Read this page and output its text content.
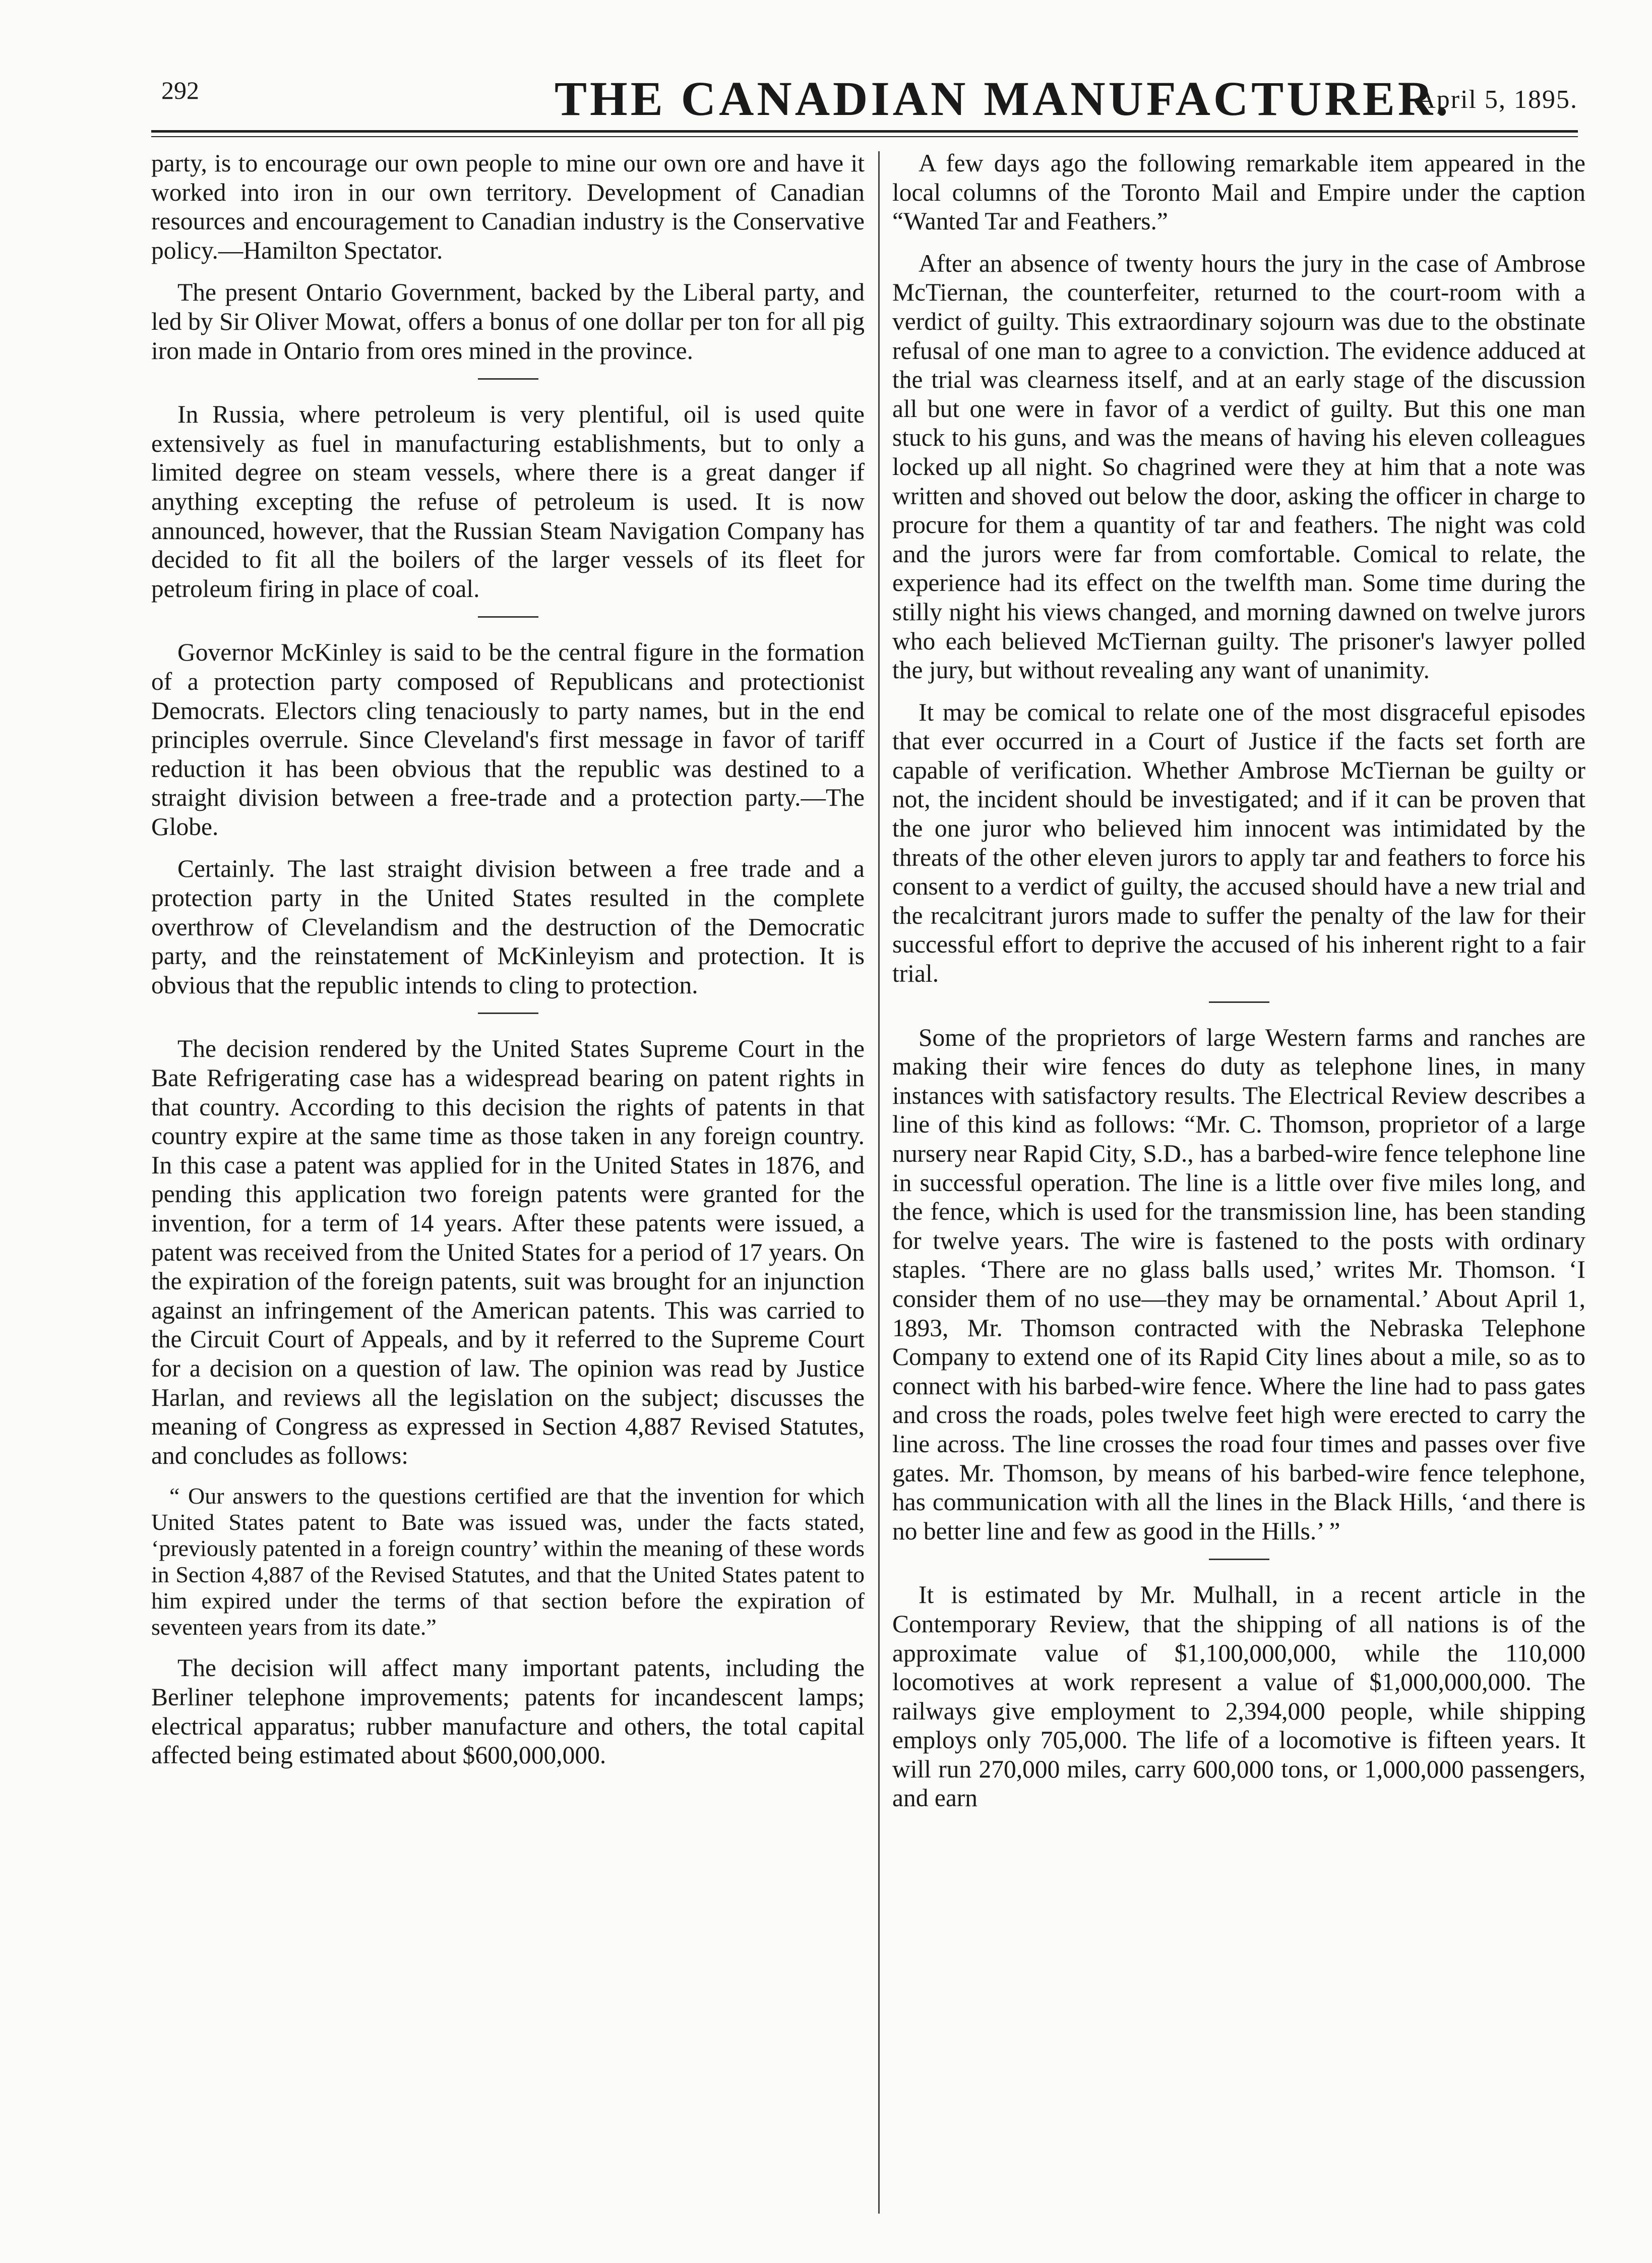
292	THE CANADIAN MANUFACTURER.
April 5, 1895.

party, is to encourage our own people to mine our own ore and have it worked into iron in our own territory. Development of Canadian resources and encouragement to Canadian industry is the Conservative policy.—Hamilton Spectator.

The present Ontario Government, backed by the Liberal party, and led by Sir Oliver Mowat, offers a bonus of one dollar per ton for all pig iron made in Ontario from ores mined in the province.

In Russia, where petroleum is very plentiful, oil is used quite extensively as fuel in manufacturing establishments, but to only a limited degree on steam vessels, where there is a great danger if anything excepting the refuse of petroleum is used. It is now announced, however, that the Russian Steam Navigation Company has decided to fit all the boilers of the larger vessels of its fleet for petroleum firing in place of coal.

Governor McKinley is said to be the central figure in the formation of a protection party composed of Republicans and protectionist Democrats. Electors cling tenaciously to party names, but in the end principles overrule. Since Cleveland's first message in favor of tariff reduction it has been obvious that the republic was destined to a straight division between a free-trade and a protection party.—The Globe.

Certainly. The last straight division between a free trade and a protection party in the United States resulted in the complete overthrow of Clevelandism and the destruction of the Democratic party, and the reinstatement of McKinleyism and protection. It is obvious that the republic intends to cling to protection.

The decision rendered by the United States Supreme Court in the Bate Refrigerating case has a widespread bearing on patent rights in that country. According to this decision the rights of patents in that country expire at the same time as those taken in any foreign country. In this case a patent was applied for in the United States in 1876, and pending this application two foreign patents were granted for the invention, for a term of 14 years. After these patents were issued, a patent was received from the United States for a period of 17 years. On the expiration of the foreign patents, suit was brought for an injunction against an infringement of the American patents. This was carried to the Circuit Court of Appeals, and by it referred to the Supreme Court for a decision on a question of law. The opinion was read by Justice Harlan, and reviews all the legislation on the subject; discusses the meaning of Congress as expressed in Section 4,887 Revised Statutes, and concludes as follows:

“ Our answers to the questions certified are that the invention for which United States patent to Bate was issued was, under the facts stated, ‘previously patented in a foreign country’ within the meaning of these words in Section 4,887 of the Revised Statutes, and that the United States patent to him expired under the terms of that section before the expiration of seventeen years from its date.”

The decision will affect many important patents, including the Berliner telephone improvements; patents for incandescent lamps; electrical apparatus; rubber manufacture and others, the total capital affected being estimated about $600,000,000.

A few days ago the following remarkable item appeared in the local columns of the Toronto Mail and Empire under the caption “Wanted Tar and Feathers.”

After an absence of twenty hours the jury in the case of Ambrose McTiernan, the counterfeiter, returned to the court-room with a verdict of guilty. This extraordinary sojourn was due to the obstinate refusal of one man to agree to a conviction. The evidence adduced at the trial was clearness itself, and at an early stage of the discussion all but one were in favor of a verdict of guilty. But this one man stuck to his guns, and was the means of having his eleven colleagues locked up all night. So chagrined were they at him that a note was written and shoved out below the door, asking the officer in charge to procure for them a quantity of tar and feathers. The night was cold and the jurors were far from comfortable. Comical to relate, the experience had its effect on the twelfth man. Some time during the stilly night his views changed, and morning dawned on twelve jurors who each believed McTiernan guilty. The prisoner's lawyer polled the jury, but without revealing any want of unanimity.

It may be comical to relate one of the most disgraceful episodes that ever occurred in a Court of Justice if the facts set forth are capable of verification. Whether Ambrose McTiernan be guilty or not, the incident should be investigated; and if it can be proven that the one juror who believed him innocent was intimidated by the threats of the other eleven jurors to apply tar and feathers to force his consent to a verdict of guilty, the accused should have a new trial and the recalcitrant jurors made to suffer the penalty of the law for their successful effort to deprive the accused of his inherent right to a fair trial.

Some of the proprietors of large Western farms and ranches are making their wire fences do duty as telephone lines, in many instances with satisfactory results. The Electrical Review describes a line of this kind as follows: “Mr. C. Thomson, proprietor of a large nursery near Rapid City, S.D., has a barbed-wire fence telephone line in successful operation. The line is a little over five miles long, and the fence, which is used for the transmission line, has been standing for twelve years. The wire is fastened to the posts with ordinary staples. ‘There are no glass balls used,’ writes Mr. Thomson. ‘I consider them of no use—they may be ornamental.’ About April 1, 1893, Mr. Thomson contracted with the Nebraska Telephone Company to extend one of its Rapid City lines about a mile, so as to connect with his barbed-wire fence. Where the line had to pass gates and cross the roads, poles twelve feet high were erected to carry the line across. The line crosses the road four times and passes over five gates. Mr. Thomson, by means of his barbed-wire fence telephone, has communication with all the lines in the Black Hills, ‘and there is no better line and few as good in the Hills.’ ”

It is estimated by Mr. Mulhall, in a recent article in the Contemporary Review, that the shipping of all nations is of the approximate value of $1,100,000,000, while the 110,000 locomotives at work represent a value of $1,000,000,000. The railways give employment to 2,394,000 people, while shipping employs only 705,000. The life of a locomotive is fifteen years. It will run 270,000 miles, carry 600,000 tons, or 1,000,000 passengers, and earn
